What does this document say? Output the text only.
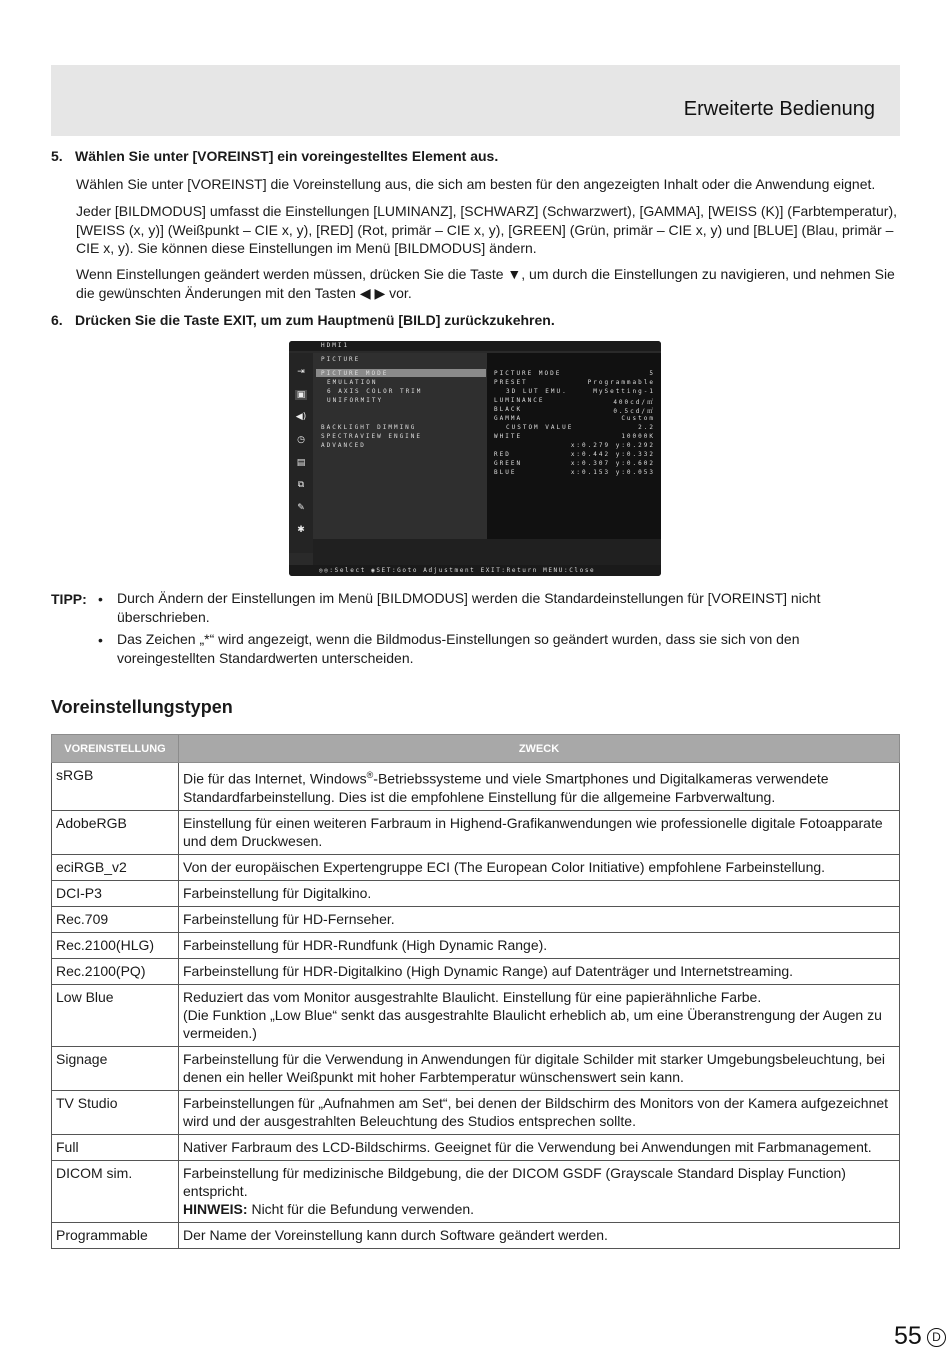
Erweiterte Bedienung
5. Wählen Sie unter [VOREINST] ein voreingestelltes Element aus.
Wählen Sie unter [VOREINST] die Voreinstellung aus, die sich am besten für den angezeigten Inhalt oder die Anwendung eignet.
Jeder [BILDMODUS] umfasst die Einstellungen [LUMINANZ], [SCHWARZ] (Schwarzwert), [GAMMA], [WEISS (K)] (Farbtemperatur), [WEISS (x, y)] (Weißpunkt – CIE x, y), [RED] (Rot, primär – CIE x, y), [GREEN] (Grün, primär – CIE x, y) und [BLUE] (Blau, primär – CIE x, y). Sie können diese Einstellungen im Menü [BILDMODUS] ändern.
Wenn Einstellungen geändert werden müssen, drücken Sie die Taste ▼, um durch die Einstellungen zu navigieren, und nehmen Sie die gewünschten Änderungen mit den Tasten ◀ ▶ vor.
6. Drücken Sie die Taste EXIT, um zum Hauptmenü [BILD] zurückzukehren.
HDMI1
⇥
▣
◀)
◷
▤
⧉
✎
✱
PICTURE
PICTURE MODE
EMULATION
6 AXIS COLOR TRIM
UNIFORMITY
BACKLIGHT DIMMING
SPECTRAVIEW ENGINE
ADVANCED
PICTURE MODE	5
PRESET	Programmable
3D LUT EMU.	MySetting-1
LUMINANCE	400cd/㎡
BLACK	0.5cd/㎡
GAMMA	Custom
CUSTOM VALUE	2.2
WHITE	10000K
x:0.279 y:0.292
RED	x:0.442 y:0.332
GREEN	x:0.307 y:0.602
BLUE	x:0.153 y:0.053
◎◎:Select ◉SET:Goto Adjustment EXIT:Return MENU:Close
TIPP: • Durch Ändern der Einstellungen im Menü [BILDMODUS] werden die Standardeinstellungen für [VOREINST] nicht überschrieben.
• Das Zeichen „*“ wird angezeigt, wenn die Bildmodus-Einstellungen so geändert wurden, dass sie sich von den voreingestellten Standardwerten unterscheiden.
Voreinstellungstypen
VOREINSTELLUNG	ZWECK
sRGB	Die für das Internet, Windows®-Betriebssysteme und viele Smartphones und Digitalkameras verwendete Standardfarbeinstellung. Dies ist die empfohlene Einstellung für die allgemeine Farbverwaltung.
AdobeRGB	Einstellung für einen weiteren Farbraum in Highend-Grafikanwendungen wie professionelle digitale Fotoapparate und dem Druckwesen.
eciRGB_v2	Von der europäischen Expertengruppe ECI (The European Color Initiative) empfohlene Farbeinstellung.
DCI-P3	Farbeinstellung für Digitalkino.
Rec.709	Farbeinstellung für HD-Fernseher.
Rec.2100(HLG)	Farbeinstellung für HDR-Rundfunk (High Dynamic Range).
Rec.2100(PQ)	Farbeinstellung für HDR-Digitalkino (High Dynamic Range) auf Datenträger und Internetstreaming.
Low Blue	Reduziert das vom Monitor ausgestrahlte Blaulicht. Einstellung für eine papierähnliche Farbe.
(Die Funktion „Low Blue“ senkt das ausgestrahlte Blaulicht erheblich ab, um eine Überanstrengung der Augen zu vermeiden.)

Signage	Farbeinstellung für die Verwendung in Anwendungen für digitale Schilder mit starker Umgebungsbeleuchtung, bei denen ein heller Weißpunkt mit hoher Farbtemperatur wünschenswert sein kann.
TV Studio	Farbeinstellungen für „Aufnahmen am Set“, bei denen der Bildschirm des Monitors von der Kamera aufgezeichnet wird und der ausgestrahlten Beleuchtung des Studios entsprechen sollte.
Full	Nativer Farbraum des LCD-Bildschirms. Geeignet für die Verwendung bei Anwendungen mit Farbmanagement.
DICOM sim.	Farbeinstellung für medizinische Bildgebung, die der DICOM GSDF (Grayscale Standard Display Function) entspricht.
HINWEIS: Nicht für die Befundung verwenden.

Programmable	Der Name der Voreinstellung kann durch Software geändert werden.
55 D
